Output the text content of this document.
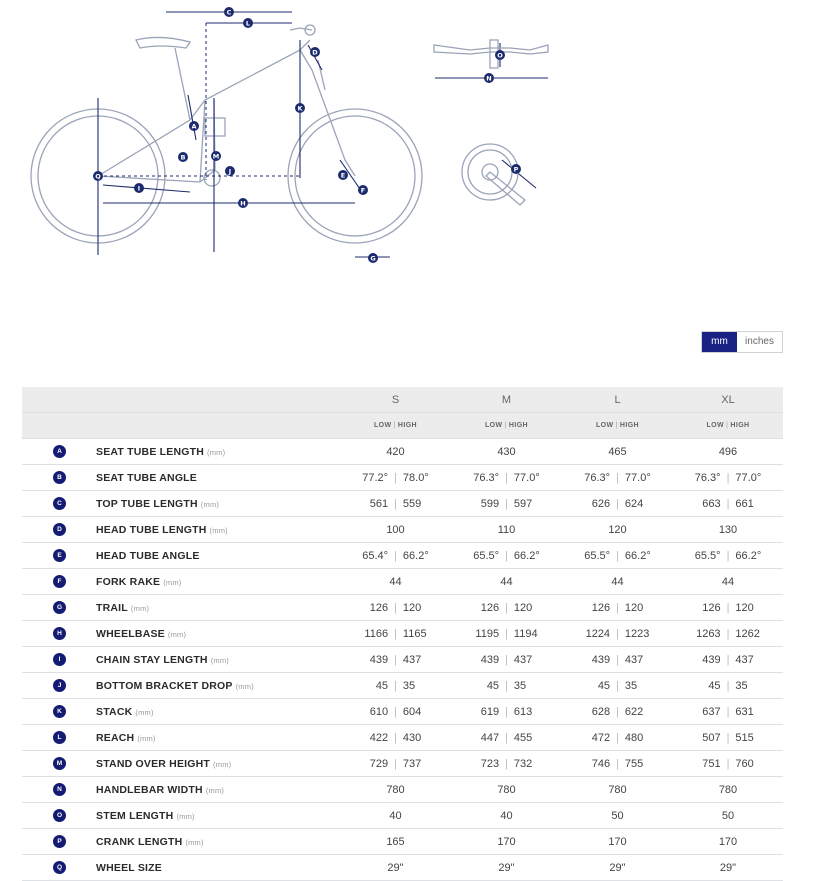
C
L
D
K
A
B	M
J
Q
I
H
E
F
G
O
N
P
mm	inches
		S	M	L	XL
		LOW | HIGH	LOW | HIGH	LOW | HIGH	LOW | HIGH
A	SEAT TUBE LENGTH (mm)	420	430	465	496
B	SEAT TUBE ANGLE	77.2° | 78.0°	76.3° | 77.0°	76.3° | 77.0°	76.3° | 77.0°
C	TOP TUBE LENGTH (mm)	561 | 559	599 | 597	626 | 624	663 | 661
D	HEAD TUBE LENGTH (mm)	100	110	120	130
E	HEAD TUBE ANGLE	65.4° | 66.2°	65.5° | 66.2°	65.5° | 66.2°	65.5° | 66.2°
F	FORK RAKE (mm)	44	44	44	44
G	TRAIL (mm)	126 | 120	126 | 120	126 | 120	126 | 120
H	WHEELBASE (mm)	1166 | 1165	1195 | 1194	1224 | 1223	1263 | 1262
I	CHAIN STAY LENGTH (mm)	439 | 437	439 | 437	439 | 437	439 | 437
J	BOTTOM BRACKET DROP (mm)	45 | 35	45 | 35	45 | 35	45 | 35
K	STACK (mm)	610 | 604	619 | 613	628 | 622	637 | 631
L	REACH (mm)	422 | 430	447 | 455	472 | 480	507 | 515
M	STAND OVER HEIGHT (mm)	729 | 737	723 | 732	746 | 755	751 | 760
N	HANDLEBAR WIDTH (mm)	780	780	780	780
O	STEM LENGTH (mm)	40	40	50	50
P	CRANK LENGTH (mm)	165	170	170	170
Q	WHEEL SIZE	29"	29"	29"	29"
